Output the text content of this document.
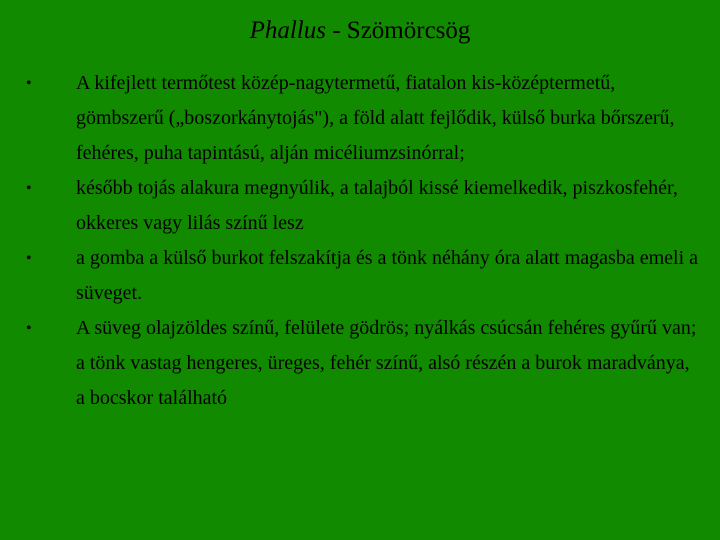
Phallus - Szömörcsög
• A kifejlett termőtest közép-nagytermetű, fiatalon kis-középtermetű, gömbszerű („boszorkánytojás"), a föld alatt fejlődik, külső burka bőrszerű, fehéres, puha tapintású, alján micéliumzsinórral;
• később tojás alakura megnyúlik, a talajból kissé kiemelkedik, piszkosfehér, okkeres vagy lilás színű lesz
• a gomba a külső burkot felszakítja és a tönk néhány óra alatt magasba emeli a süveget.
• A süveg olajzöldes színű, felülete gödrös; nyálkás csúcsán fehéres gyűrű van; a tönk vastag hengeres, üreges, fehér színű, alsó részén a burok maradványa, a bocskor található
